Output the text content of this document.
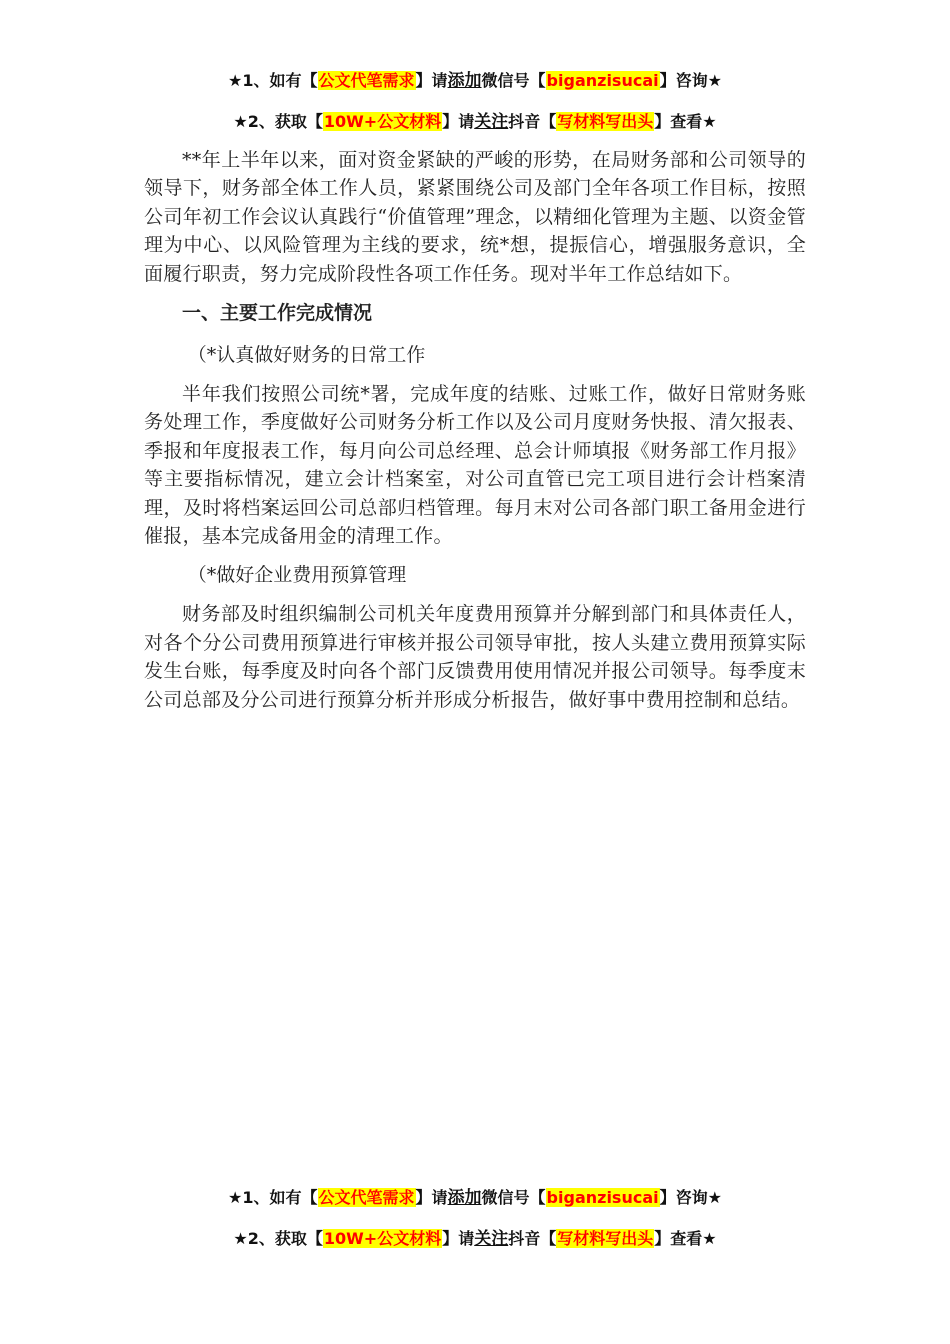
★1、如有【公文代笔需求】请添加微信号【biganzisucai】咨询★
★2、获取【10W+公文材料】请关注抖音【写材料写出头】查看★

**年上半年以来，面对资金紧缺的严峻的形势，在局财务部和公司领导的领导下，财务部全体工作人员，紧紧围绕公司及部门全年各项工作目标，按照公司年初工作会议认真践行“价值管理”理念，以精细化管理为主题、以资金管理为中心、以风险管理为主线的要求，统*想，提振信心，增强服务意识，全面履行职责，努力完成阶段性各项工作任务。现对半年工作总结如下。

一、主要工作完成情况

（*认真做好财务的日常工作

半年我们按照公司统*署，完成年度的结账、过账工作，做好日常财务账务处理工作，季度做好公司财务分析工作以及公司月度财务快报、清欠报表、季报和年度报表工作，每月向公司总经理、总会计师填报《财务部工作月报》等主要指标情况，建立会计档案室，对公司直管已完工项目进行会计档案清理，及时将档案运回公司总部归档管理。每月末对公司各部门职工备用金进行催报，基本完成备用金的清理工作。

（*做好企业费用预算管理

财务部及时组织编制公司机关年度费用预算并分解到部门和具体责任人，对各个分公司费用预算进行审核并报公司领导审批，按人头建立费用预算实际发生台账，每季度及时向各个部门反馈费用使用情况并报公司领导。每季度末公司总部及分公司进行预算分析并形成分析报告，做好事中费用控制和总结。

★1、如有【公文代笔需求】请添加微信号【biganzisucai】咨询★
★2、获取【10W+公文材料】请关注抖音【写材料写出头】查看★
